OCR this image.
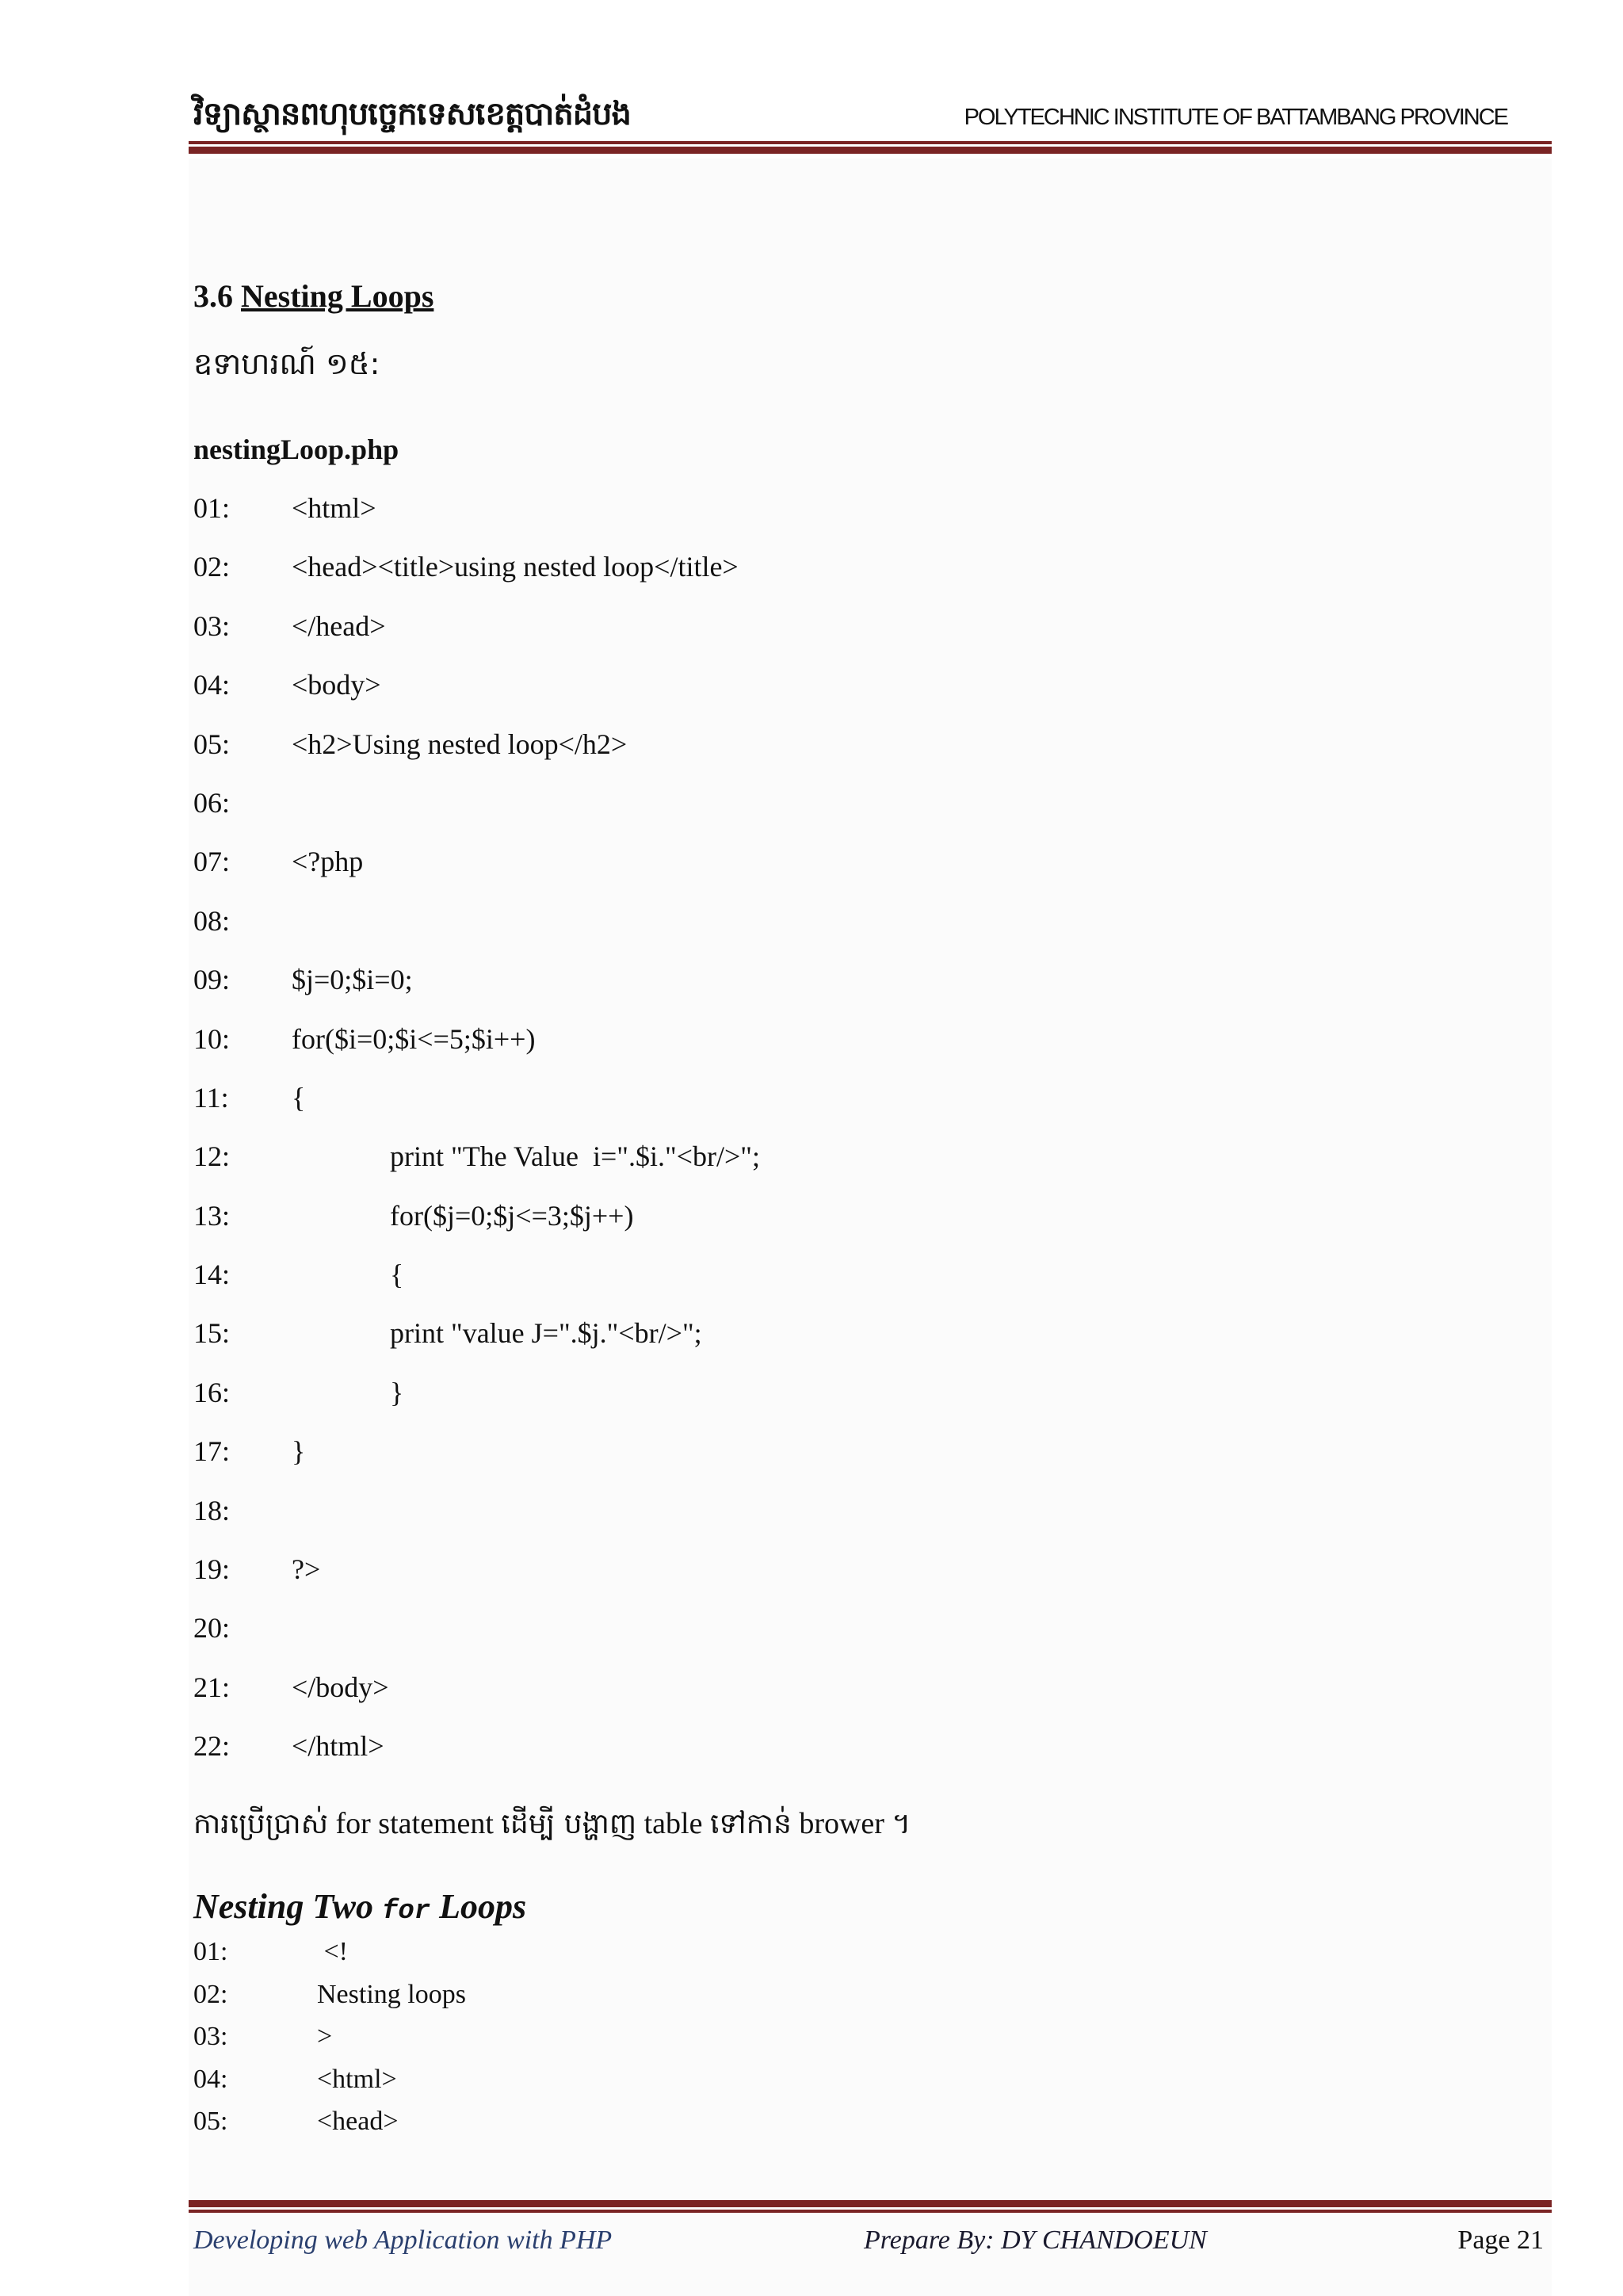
វិទ្យាស្ថានពហុបច្ចេកទេសខេត្តបាត់ដំបង	POLYTECHNIC INSTITUTE OF BATTAMBANG PROVINCE
3.6 Nesting Loops
ឧទាហរណ៍ ១៥:
nestingLoop.php
01: <html>
02: <head><title>using nested loop</title>
03: </head>
04: <body>
05: <h2>Using nested loop</h2>
06:
07: <?php
08:
09: $j=0;$i=0;
10: for($i=0;$i<=5;$i++)
11: {
12:	print "The Value  i=".$i."<br/>";
13:	for($j=0;$j<=3;$j++)
14:	{
15:	print "value J=".$j."<br/>";
16:	}
17: }
18:
19: ?>
20:
21: </body>
22: </html>
ការប្រើប្រាស់ for statement ដើម្បី បង្ហាញ table ទៅកាន់ brower ។
Nesting Two for Loops
01:	<!
02:	Nesting loops
03:	>
04:	<html>
05:	<head>
Developing web Application with PHP	Prepare By: DY CHANDOEUN	Page 21
